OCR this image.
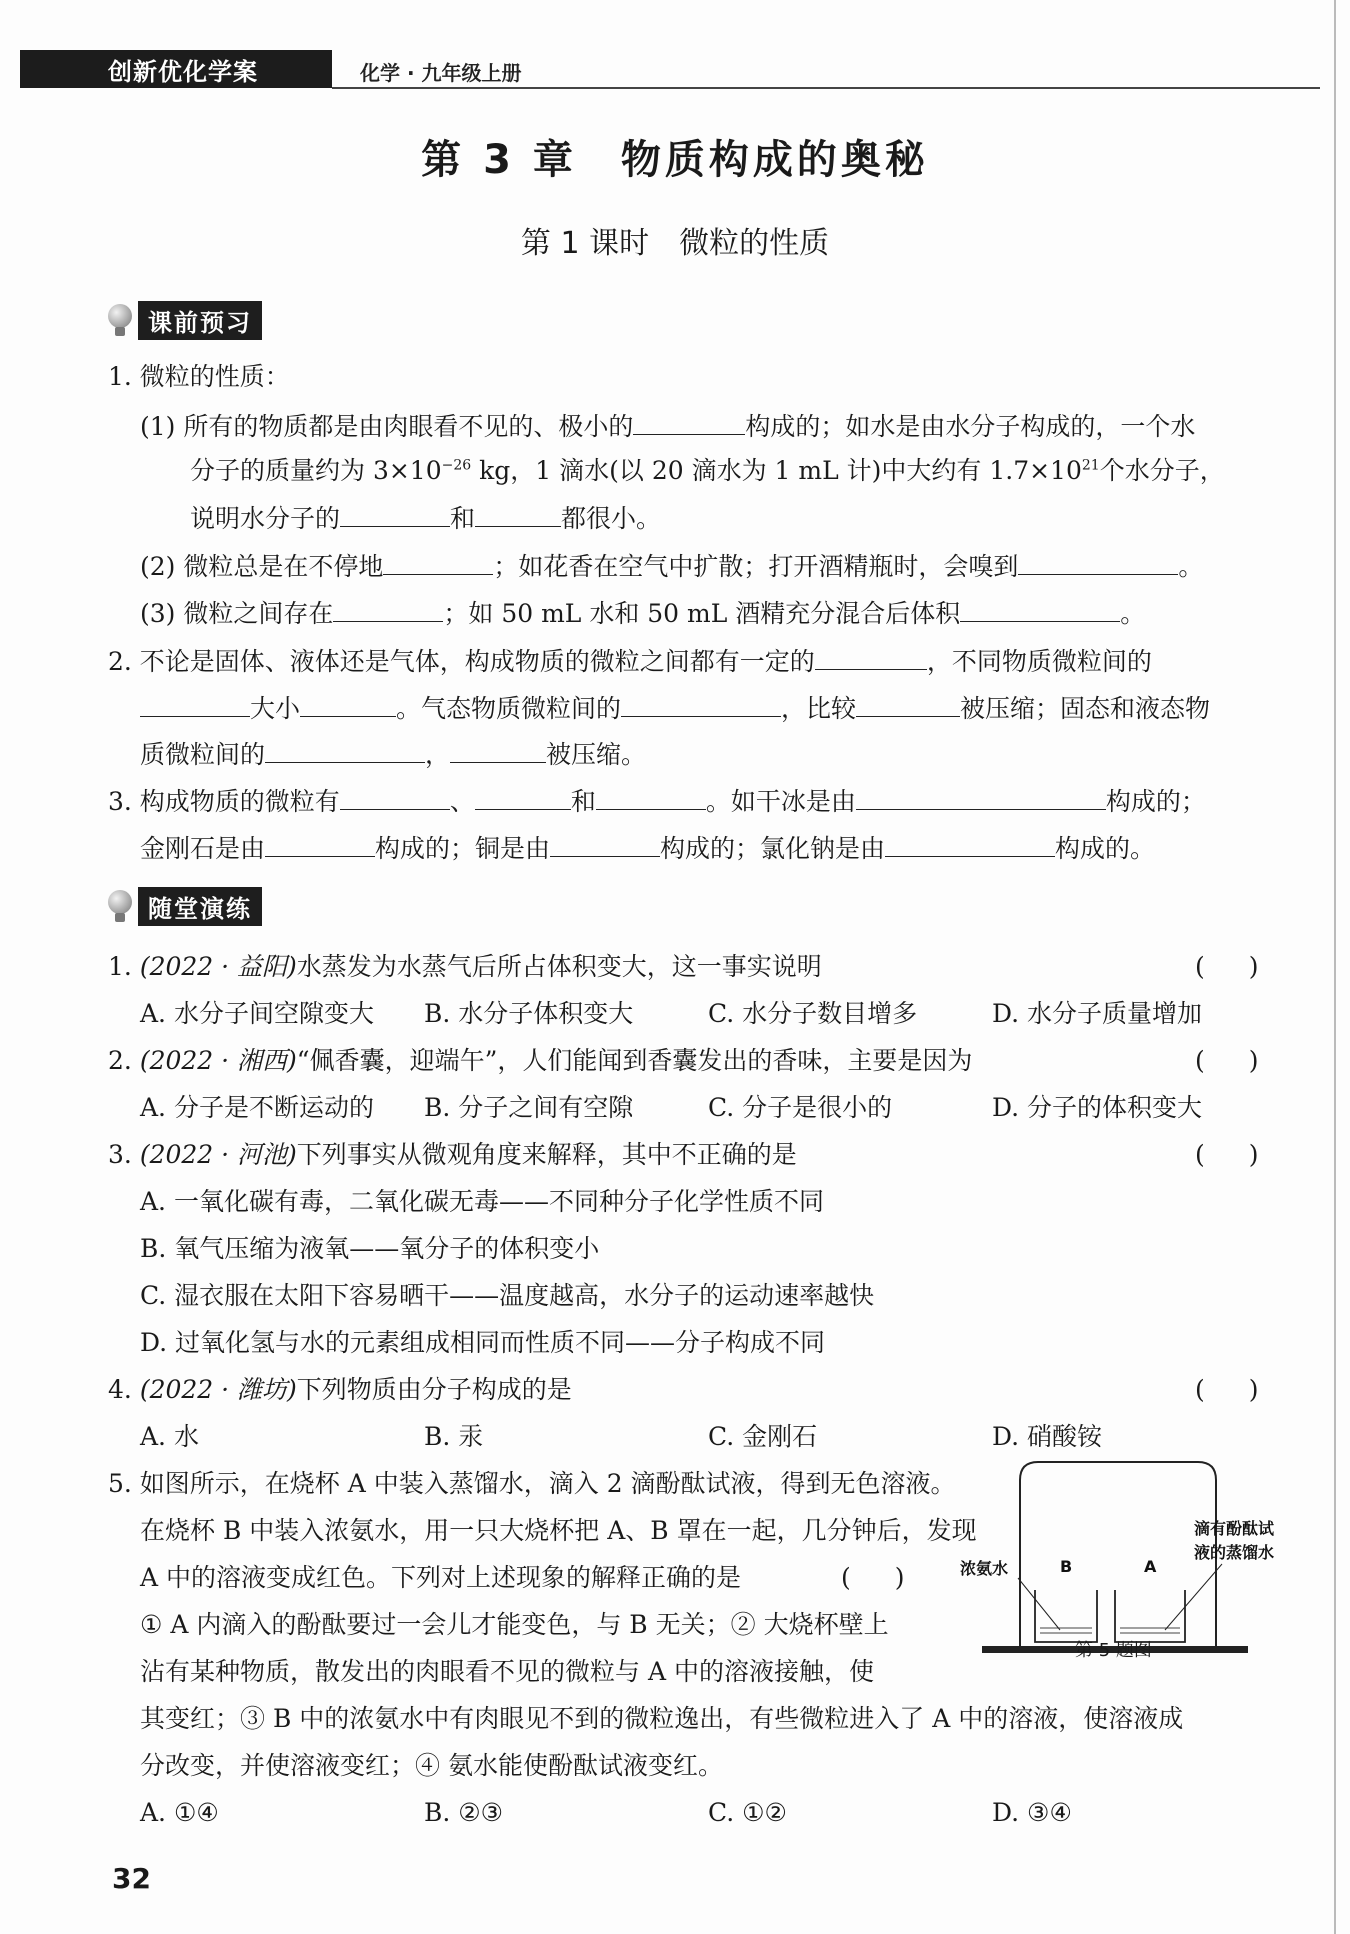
创新优化学案	化学 · 九年级上册
第 3 章　物质构成的奥秘
第 1 课时　微粒的性质
课前预习
1. 微粒的性质：
(1) 所有的物质都是由肉眼看不见的、极小的	构成的；如水是由水分子构成的，一个水
分子的质量约为 $3\times 10^{-26}$ kg，1 滴水(以 20 滴水为 1 mL 计)中大约有 $1.7\times 10^{21}$个水分子，
说明水分子的	和	都很小。
(2) 微粒总是在不停地	；如花香在空气中扩散；打开酒精瓶时，会嗅到	。
(3) 微粒之间存在	；如 50 mL 水和 50 mL 酒精充分混合后体积	。
2. 不论是固体、液体还是气体，构成物质的微粒之间都有一定的	，不同物质微粒间的
大小	。气态物质微粒间的	，比较	被压缩；固态和液态物
质微粒间的	，	被压缩。
3. 构成物质的微粒有	、	和	。如干冰是由	构成的；
金刚石是由	构成的；铜是由	构成的；氯化钠是由	构成的。
随堂演练
1. (2022 · 益阳)水蒸发为水蒸气后所占体积变大，这一事实说明	( )
A. 水分子间空隙变大 B. 水分子体积变大	C. 水分子数目增多	D. 水分子质量增加
2. (2022 · 湘西)“佩香囊，迎端午”，人们能闻到香囊发出的香味，主要是因为	( )
A. 分子是不断运动的 B. 分子之间有空隙	C. 分子是很小的	D. 分子的体积变大
3. (2022 · 河池)下列事实从微观角度来解释，其中不正确的是	( )
A. 一氧化碳有毒，二氧化碳无毒——不同种分子化学性质不同
B. 氧气压缩为液氧——氧分子的体积变小
C. 湿衣服在太阳下容易晒干——温度越高，水分子的运动速率越快
D. 过氧化氢与水的元素组成相同而性质不同——分子构成不同
4. (2022 · 潍坊)下列物质由分子构成的是	( )
A. 水	B. 汞	C. 金刚石	D. 硝酸铵
5. 如图所示，在烧杯 A 中装入蒸馏水，滴入 2 滴酚酞试液，得到无色溶液。
在烧杯 B 中装入浓氨水，用一只大烧杯把 A、B 罩在一起，几分钟后，发现
A 中的溶液变成红色。下列对上述现象的解释正确的是	( )
① A 内滴入的酚酞要过一会儿才能变色，与 B 无关；② 大烧杯壁上
沾有某种物质，散发出的肉眼看不见的微粒与 A 中的溶液接触，使
其变红；③ B 中的浓氨水中有肉眼见不到的微粒逸出，有些微粒进入了 A 中的溶液，使溶液成
分改变，并使溶液变红；④ 氨水能使酚酞试液变红。
A. ①④	B. ②③	C. ①②	D. ③④
B	A
浓氨水
滴有酚酞试
液的蒸馏水
第 5 题图
32
